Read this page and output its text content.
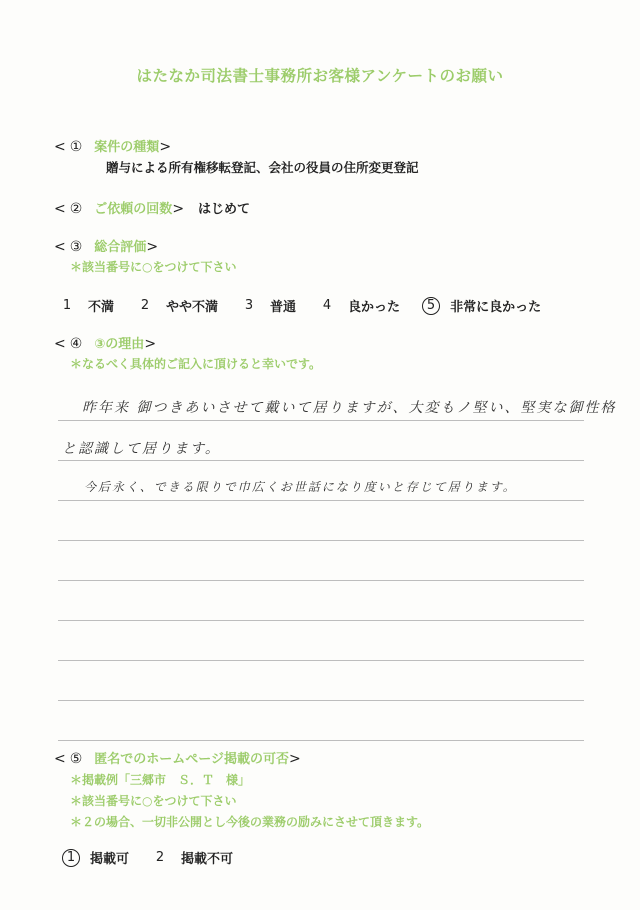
はたなか司法書士事務所お客様アンケートのお願い
< ① 案件の種類>
贈与による所有権移転登記、会社の役員の住所変更登記
< ② ご依頼の回数> はじめて
< ③ 総合評価>
＊該当番号に○をつけて下さい
1	不満	2	やや不満	3	普通	4	良かった	5	非常に良かった
< ④ ③の理由>
＊なるべく具体的ご記入に頂けると幸いです。
昨年来 御つきあいさせて戴いて居りますが、大変もノ堅い、堅実な御性格
と認識して居ります。
今后永く、できる限りで巾広くお世話になり度いと存じて居ります。
< ⑤ 匿名でのホームページ掲載の可否>
＊掲載例「三郷市　Ｓ．Ｔ　様」
＊該当番号に○をつけて下さい
＊２の場合、一切非公開とし今後の業務の励みにさせて頂きます。
1	掲載可	2	掲載不可
